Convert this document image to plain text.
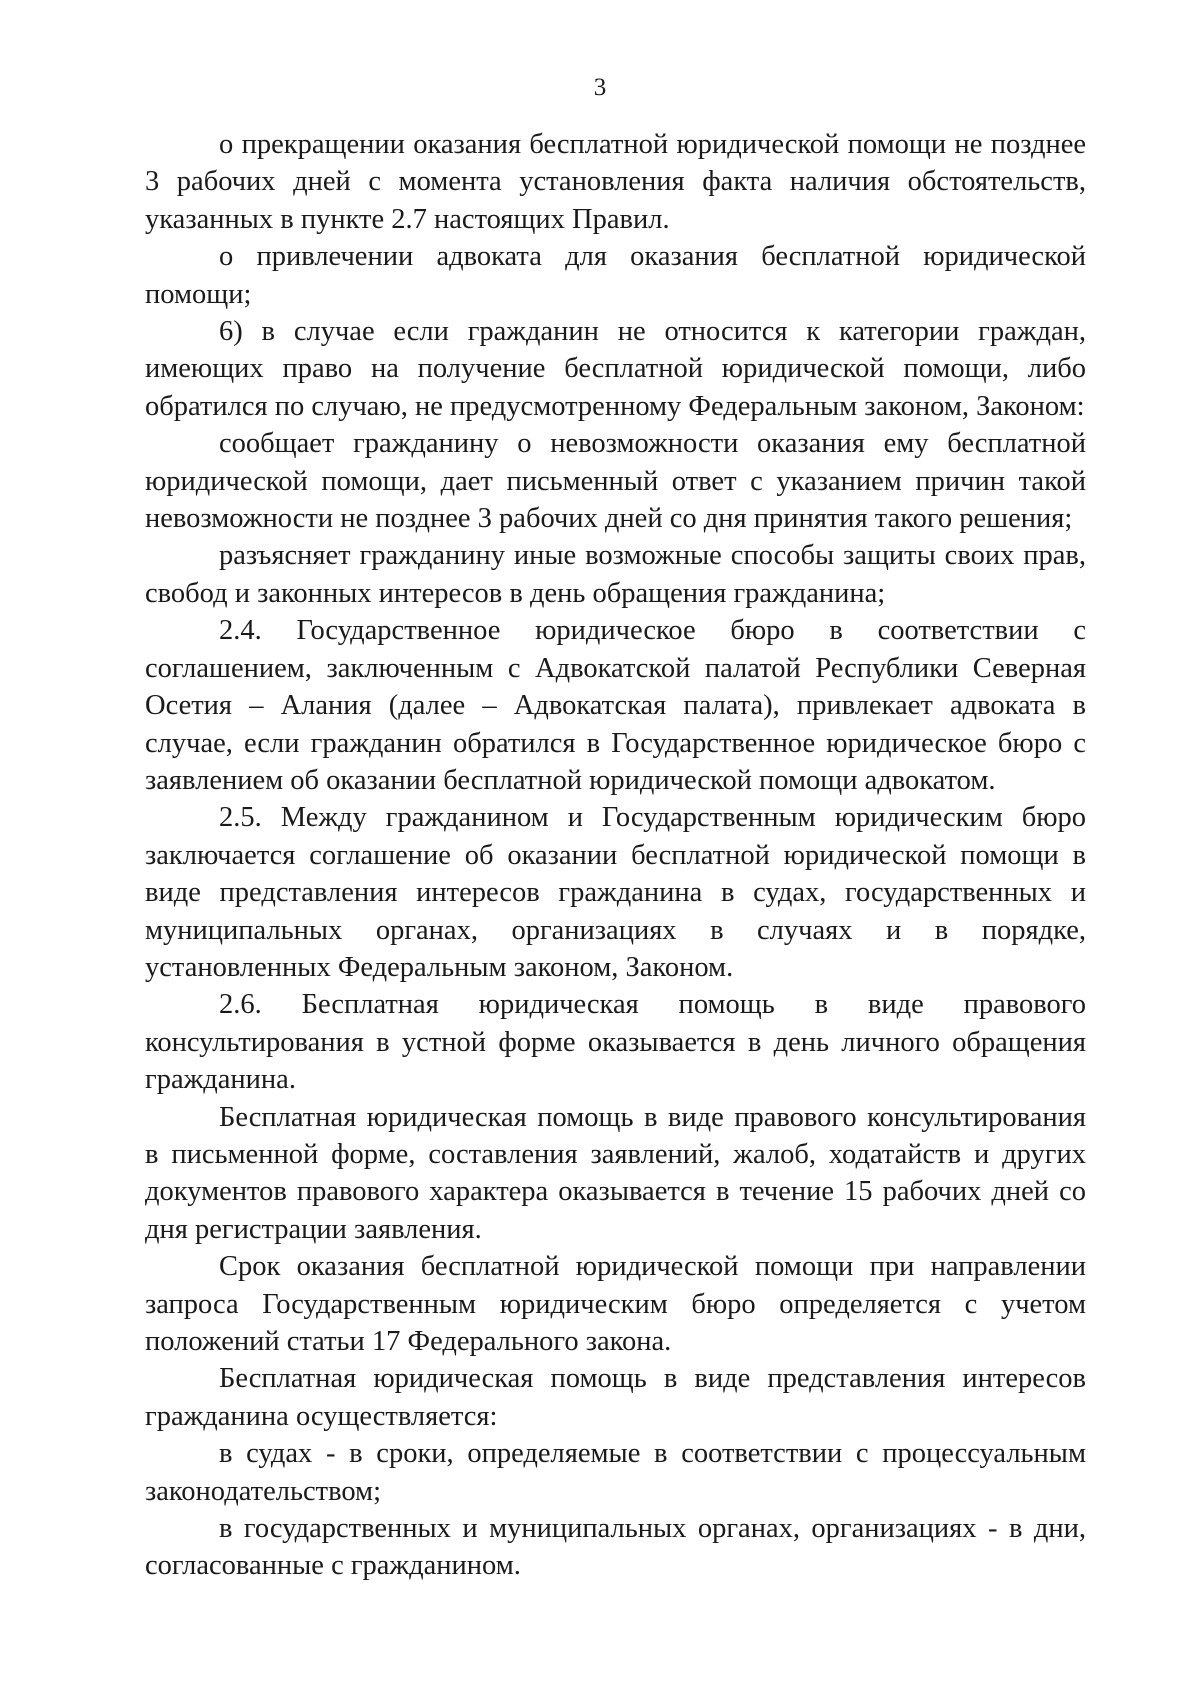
3

о прекращении оказания бесплатной юридической помощи не позднее 3 рабочих дней с момента установления факта наличия обстоятельств, указанных в пункте 2.7 настоящих Правил.

о привлечении адвоката для оказания бесплатной юридической помощи;

6) в случае если гражданин не относится к категории граждан, имеющих право на получение бесплатной юридической помощи, либо обратился по случаю, не предусмотренному Федеральным законом, Законом:

сообщает гражданину о невозможности оказания ему бесплатной юридической помощи, дает письменный ответ с указанием причин такой невозможности не позднее 3 рабочих дней со дня принятия такого решения;

разъясняет гражданину иные возможные способы защиты своих прав, свобод и законных интересов в день обращения гражданина;

2.4. Государственное юридическое бюро в соответствии с соглашением, заключенным с Адвокатской палатой Республики Северная Осетия – Алания (далее – Адвокатская палата), привлекает адвоката в случае, если гражданин обратился в Государственное юридическое бюро с заявлением об оказании бесплатной юридической помощи адвокатом.

2.5. Между гражданином и Государственным юридическим бюро заключается соглашение об оказании бесплатной юридической помощи в виде представления интересов гражданина в судах, государственных и муниципальных органах, организациях в случаях и в порядке, установленных Федеральным законом, Законом.

2.6. Бесплатная юридическая помощь в виде правового консультирования в устной форме оказывается в день личного обращения гражданина.

Бесплатная юридическая помощь в виде правового консультирования в письменной форме, составления заявлений, жалоб, ходатайств и других документов правового характера оказывается в течение 15 рабочих дней со дня регистрации заявления.

Срок оказания бесплатной юридической помощи при направлении запроса Государственным юридическим бюро определяется с учетом положений статьи 17 Федерального закона.

Бесплатная юридическая помощь в виде представления интересов гражданина осуществляется:

в судах - в сроки, определяемые в соответствии с процессуальным законодательством;

в государственных и муниципальных органах, организациях - в дни, согласованные с гражданином.
